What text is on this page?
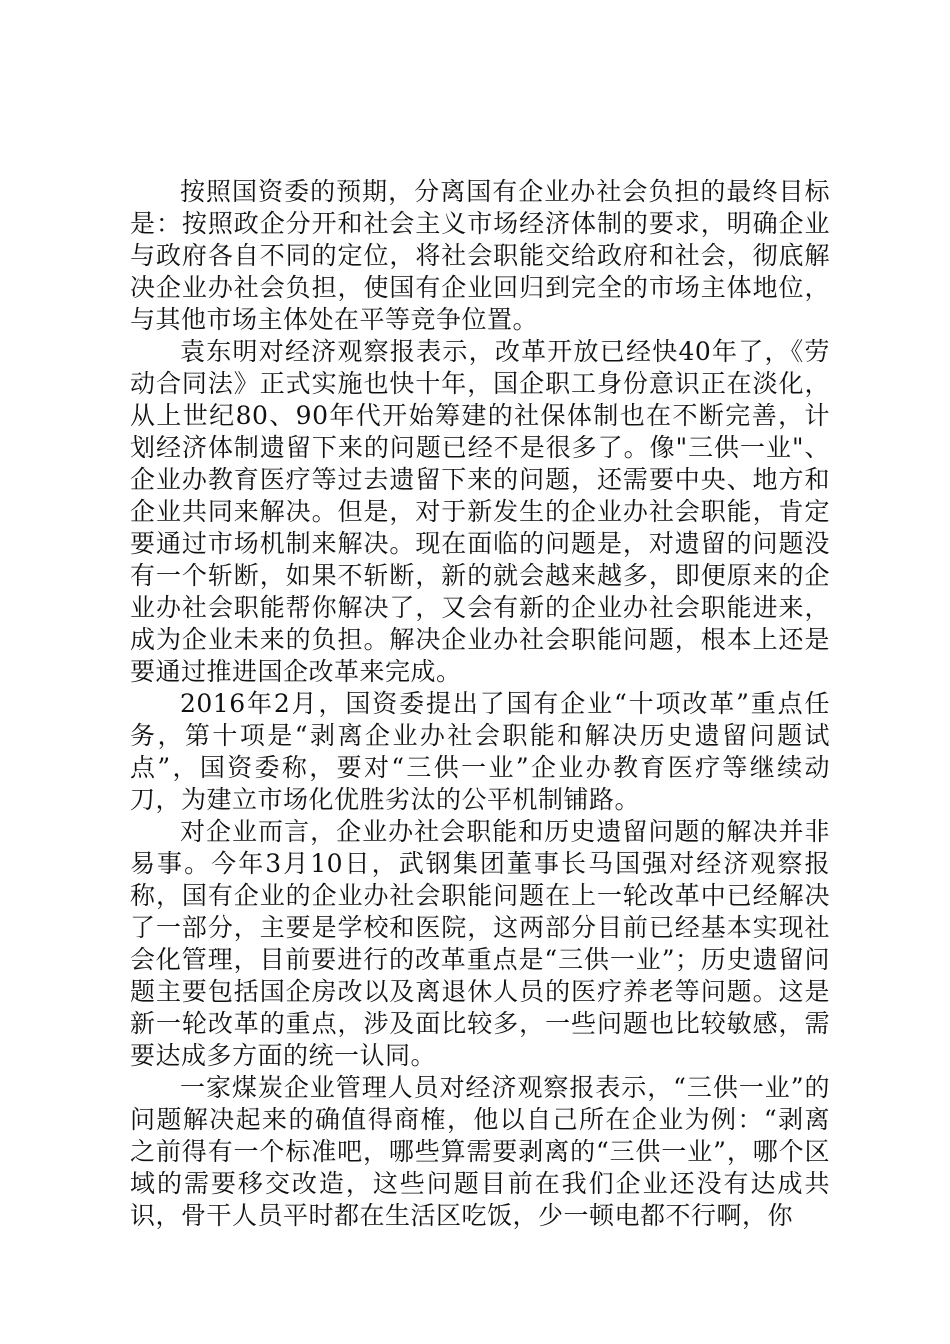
按照国资委的预期，分离国有企业办社会负担的最终目标是：按照政企分开和社会主义市场经济体制的要求，明确企业与政府各自不同的定位，将社会职能交给政府和社会，彻底解决企业办社会负担，使国有企业回归到完全的市场主体地位，与其他市场主体处在平等竞争位置。

袁东明对经济观察报表示，改革开放已经快40年了，《劳动合同法》正式实施也快十年，国企职工身份意识正在淡化，从上世纪80、90年代开始筹建的社保体制也在不断完善，计划经济体制遗留下来的问题已经不是很多了。像"三供一业"、企业办教育医疗等过去遗留下来的问题，还需要中央、地方和企业共同来解决。但是，对于新发生的企业办社会职能，肯定要通过市场机制来解决。现在面临的问题是，对遗留的问题没有一个斩断，如果不斩断，新的就会越来越多，即便原来的企业办社会职能帮你解决了，又会有新的企业办社会职能进来，成为企业未来的负担。解决企业办社会职能问题，根本上还是要通过推进国企改革来完成。

2016年2月，国资委提出了国有企业“十项改革”重点任务，第十项是“剥离企业办社会职能和解决历史遗留问题试点”，国资委称，要对“三供一业”企业办教育医疗等继续动刀，为建立市场化优胜劣汰的公平机制铺路。

对企业而言，企业办社会职能和历史遗留问题的解决并非易事。今年3月10日，武钢集团董事长马国强对经济观察报称，国有企业的企业办社会职能问题在上一轮改革中已经解决了一部分，主要是学校和医院，这两部分目前已经基本实现社会化管理，目前要进行的改革重点是“三供一业”；历史遗留问题主要包括国企房改以及离退休人员的医疗养老等问题。这是新一轮改革的重点，涉及面比较多，一些问题也比较敏感，需要达成多方面的统一认同。

一家煤炭企业管理人员对经济观察报表示，“三供一业”的问题解决起来的确值得商榷，他以自己所在企业为例：“剥离之前得有一个标准吧，哪些算需要剥离的“三供一业”，哪个区域的需要移交改造，这些问题目前在我们企业还没有达成共识，骨干人员平时都在生活区吃饭，少一顿电都不行啊，你
